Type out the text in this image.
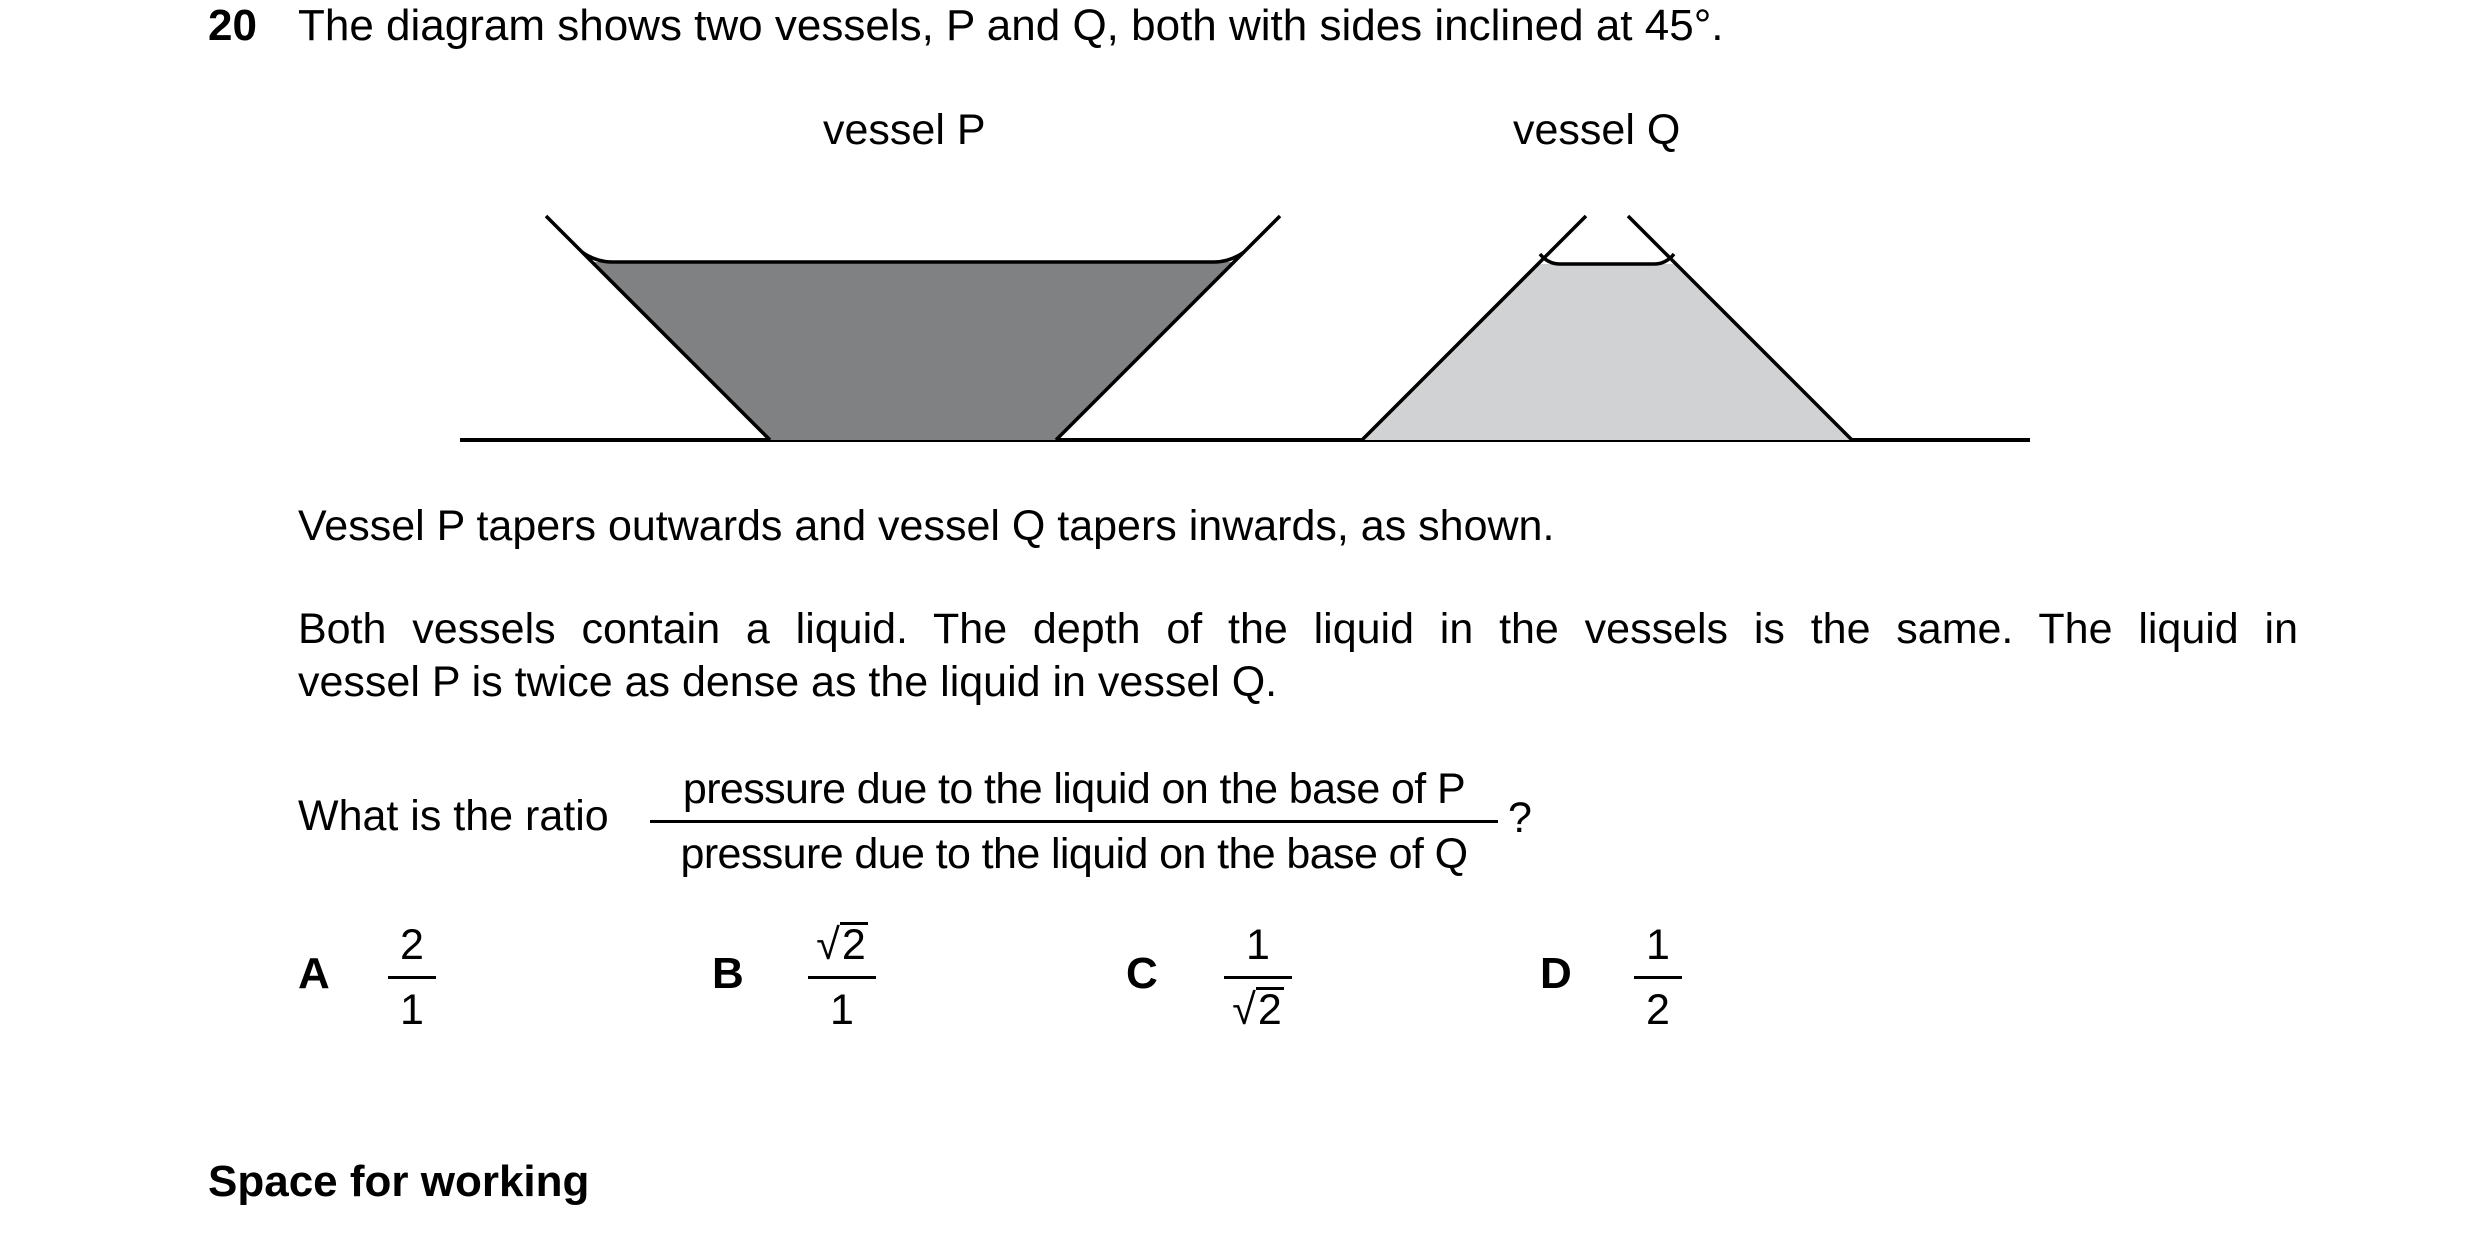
20 The diagram shows two vessels, P and Q, both with sides inclined at 45°.
vessel P	vessel Q
Vessel P tapers outwards and vessel Q tapers inwards, as shown.
Both vessels contain a liquid. The depth of the liquid in the vessels is the same. The liquid in
vessel P is twice as dense as the liquid in vessel Q.
What is the ratio
pressure due to the liquid on the base of P
pressure due to the liquid on the base of Q
?
A
2
1
B
√2
1
C
1
√2
D
1
2
Space for working
